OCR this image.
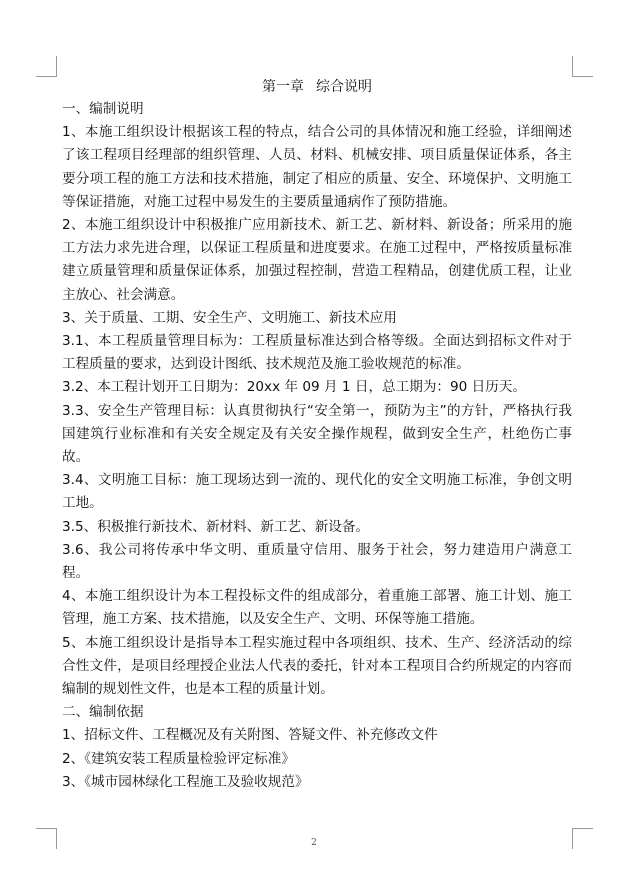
第一章 综合说明

一、编制说明

1、本施工组织设计根据该工程的特点，结合公司的具体情况和施工经验，详细阐述了该工程项目经理部的组织管理、人员、材料、机械安排、项目质量保证体系，各主要分项工程的施工方法和技术措施，制定了相应的质量、安全、环境保护、文明施工等保证措施，对施工过程中易发生的主要质量通病作了预防措施。

2、本施工组织设计中积极推广应用新技术、新工艺、新材料、新设备；所采用的施工方法力求先进合理，以保证工程质量和进度要求。在施工过程中，严格按质量标准建立质量管理和质量保证体系，加强过程控制，营造工程精品，创建优质工程，让业主放心、社会满意。

3、关于质量、工期、安全生产、文明施工、新技术应用

3.1、本工程质量管理目标为：工程质量标准达到合格等级。全面达到招标文件对于工程质量的要求，达到设计图纸、技术规范及施工验收规范的标准。

3.2、本工程计划开工日期为：20xx 年 09 月 1 日，总工期为：90 日历天。

3.3、安全生产管理目标：认真贯彻执行“安全第一，预防为主”的方针，严格执行我国建筑行业标准和有关安全规定及有关安全操作规程，做到安全生产，杜绝伤亡事故。

3.4、文明施工目标：施工现场达到一流的、现代化的安全文明施工标准，争创文明工地。

3.5、积极推行新技术、新材料、新工艺、新设备。

3.6、我公司将传承中华文明、重质量守信用、服务于社会，努力建造用户满意工程。

4、本施工组织设计为本工程投标文件的组成部分，着重施工部署、施工计划、施工管理，施工方案、技术措施，以及安全生产、文明、环保等施工措施。

5、本施工组织设计是指导本工程实施过程中各项组织、技术、生产、经济活动的综合性文件，是项目经理授企业法人代表的委托，针对本工程项目合约所规定的内容而编制的规划性文件，也是本工程的质量计划。

二、编制依据

1、招标文件、工程概况及有关附图、答疑文件、补充修改文件

2、《建筑安装工程质量检验评定标准》

3、《城市园林绿化工程施工及验收规范》

2
